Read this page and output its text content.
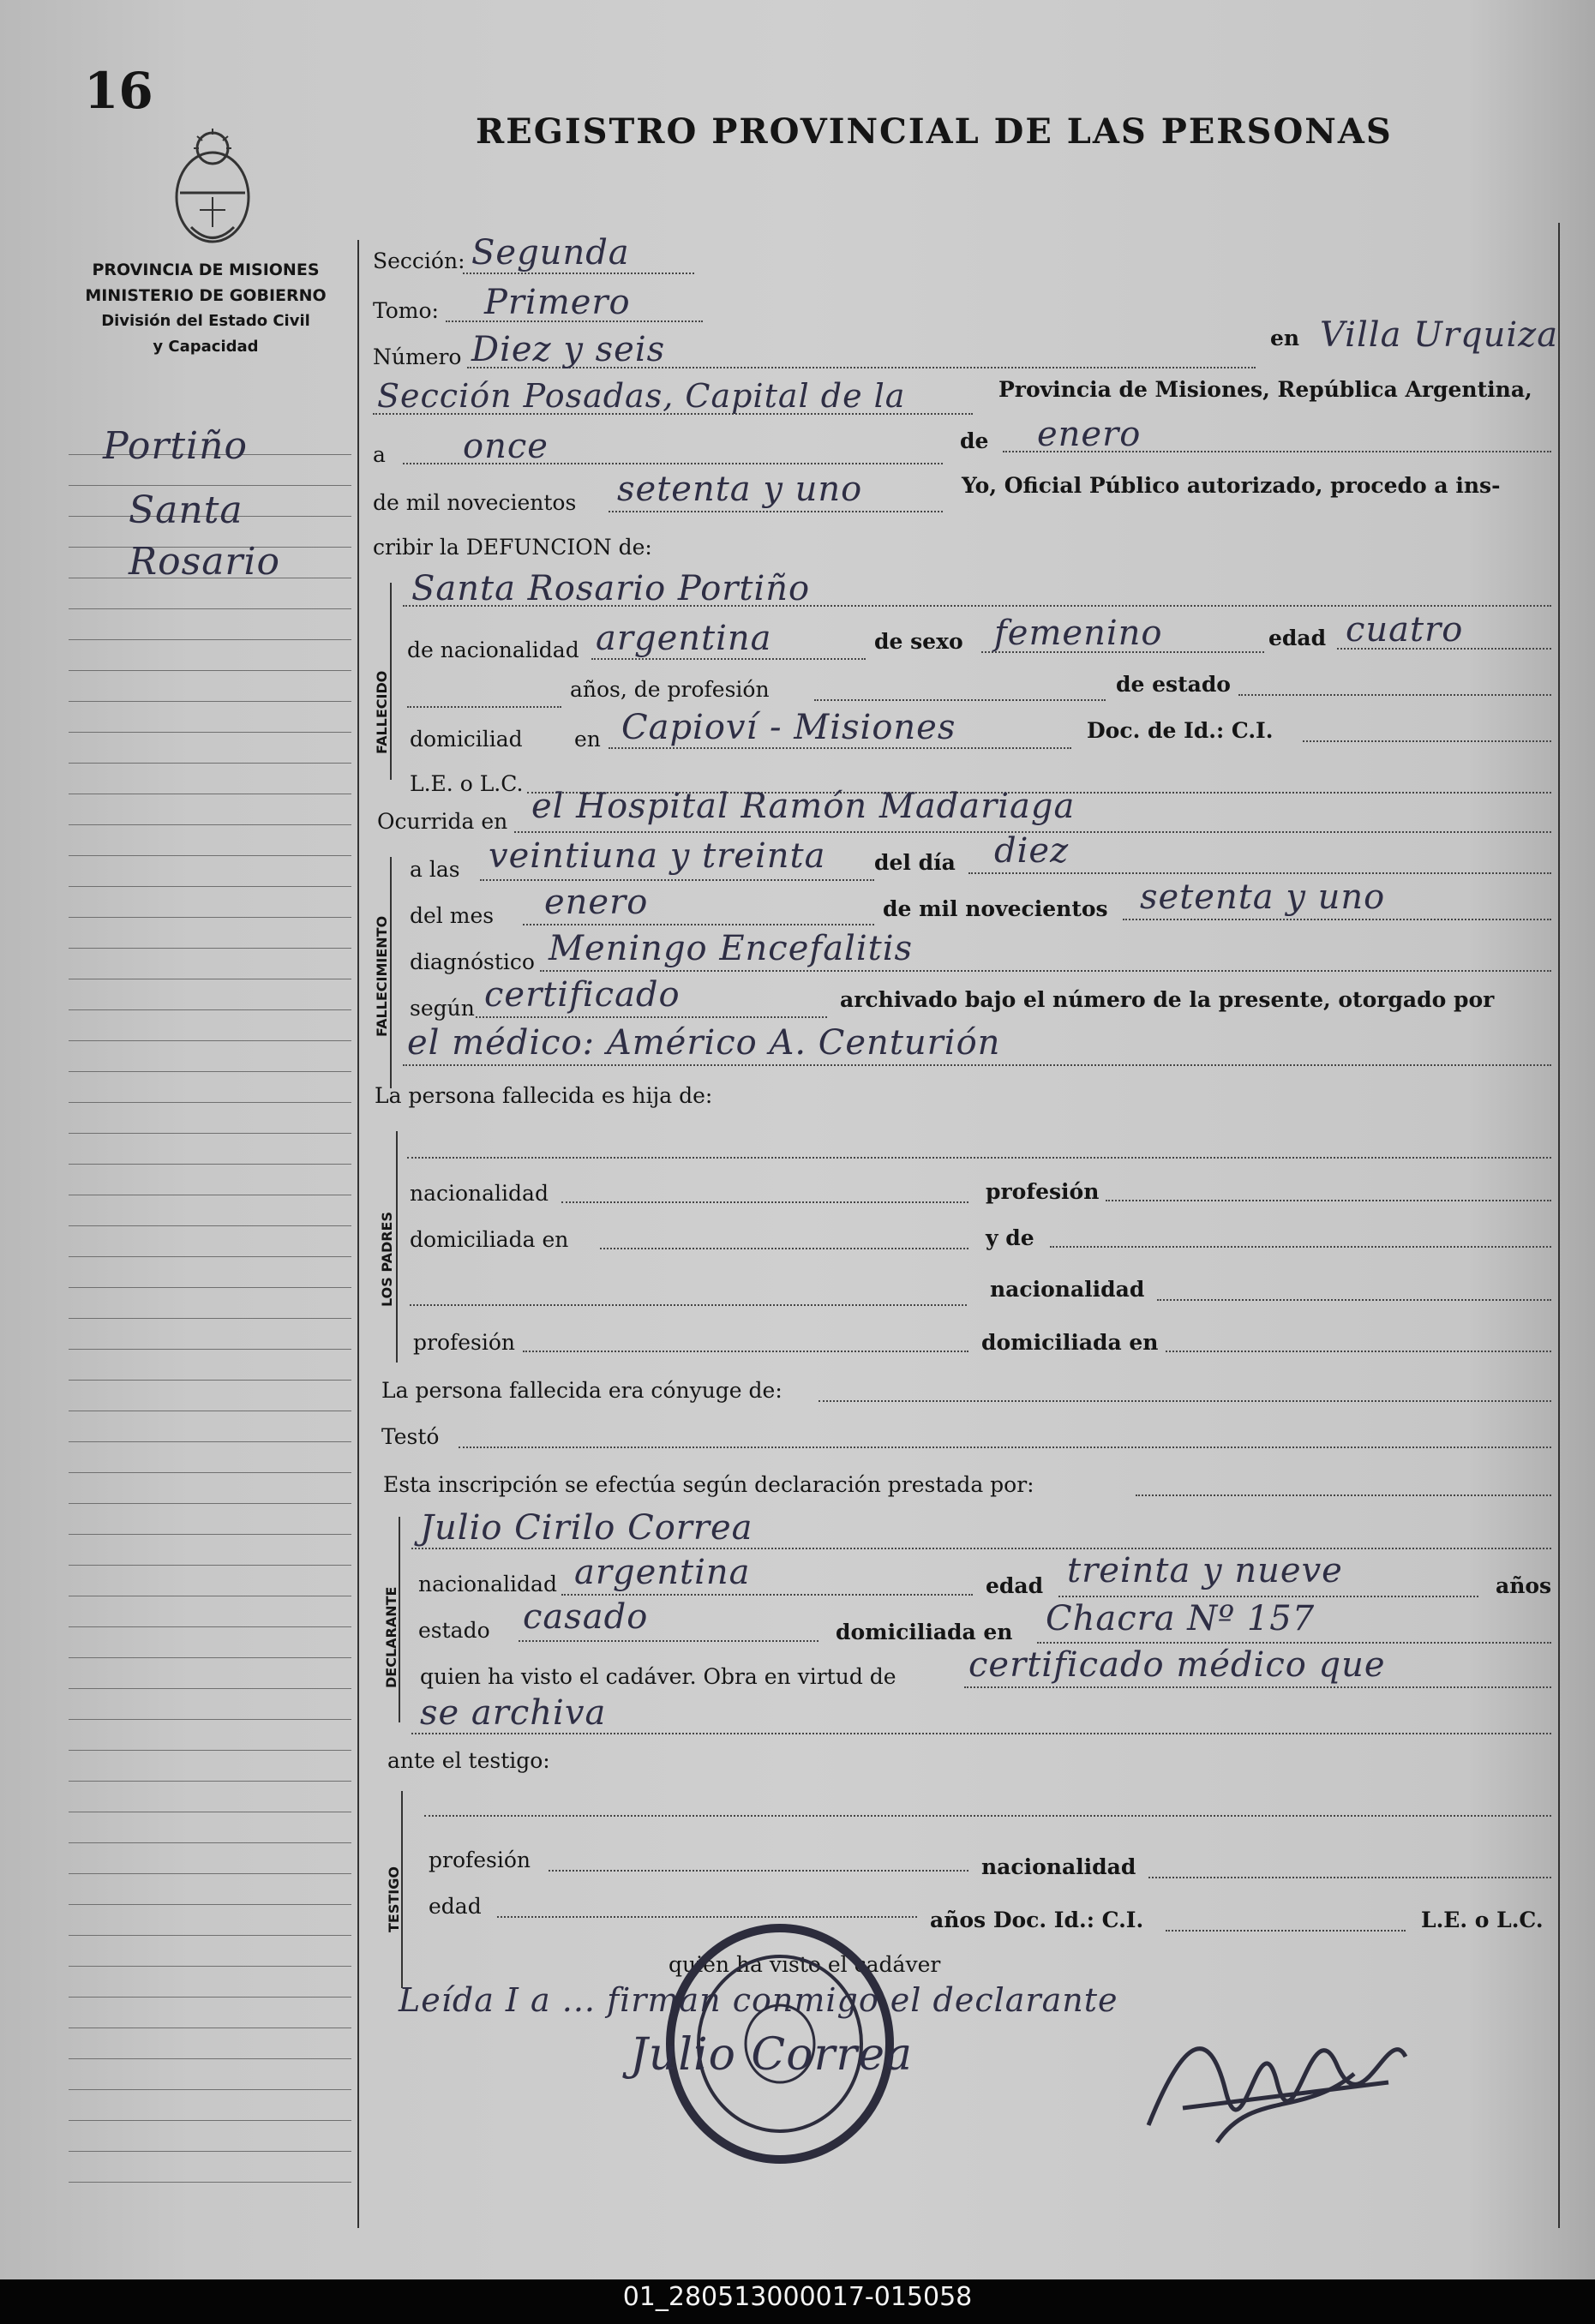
16
REGISTRO PROVINCIAL DE LAS PERSONAS
PROVINCIA DE MISIONES
MINISTERIO DE GOBIERNO
División del Estado Civil
y Capacidad
Portiño
Santa
Rosario
Sección: Segunda
Tomo: Primero
Número Diez y seis	en Villa Urquiza
Sección Posadas, Capital de la	Provincia de Misiones, República Argentina,
a once	de enero
de mil novecientos setenta y uno	Yo, Oficial Público autorizado, procedo a ins-
cribir la DEFUNCION de:
FALLECIDO
Santa Rosario Portiño
de nacionalidad argentina	de sexo femenino	edad cuatro
años, de profesión	de estado
domiciliad en Capioví - Misiones	Doc. de Id.: C.I.
L.E. o L.C.
Ocurrida en el Hospital Ramón Madariaga
FALLECIMIENTO
a las veintiuna y treinta del día diez
del mes enero	de mil novecientos setenta y uno
diagnóstico Meningo Encefalitis
según certificado	archivado bajo el número de la presente, otorgado por
el médico: Américo A. Centurión
La persona fallecida es hija de:
LOS PADRES
nacionalidad	profesión
domiciliada en	y de
nacionalidad
profesión	domiciliada en
La persona fallecida era cónyuge de:
Testó
Esta inscripción se efectúa según declaración prestada por:
DECLARANTE
Julio Cirilo Correa
nacionalidad argentina	edad treinta y nueve	años
estado casado	domiciliada en Chacra Nº 157
quien ha visto el cadáver. Obra en virtud de certificado médico que
se archiva
ante el testigo:
TESTIGO
profesión	nacionalidad
edad
años Doc. Id.: C.I.	L.E. o L.C.
quien ha visto el cadáver
Leída I a ... firman conmigo el declarante
Julio Correa
01_280513000017-015058
